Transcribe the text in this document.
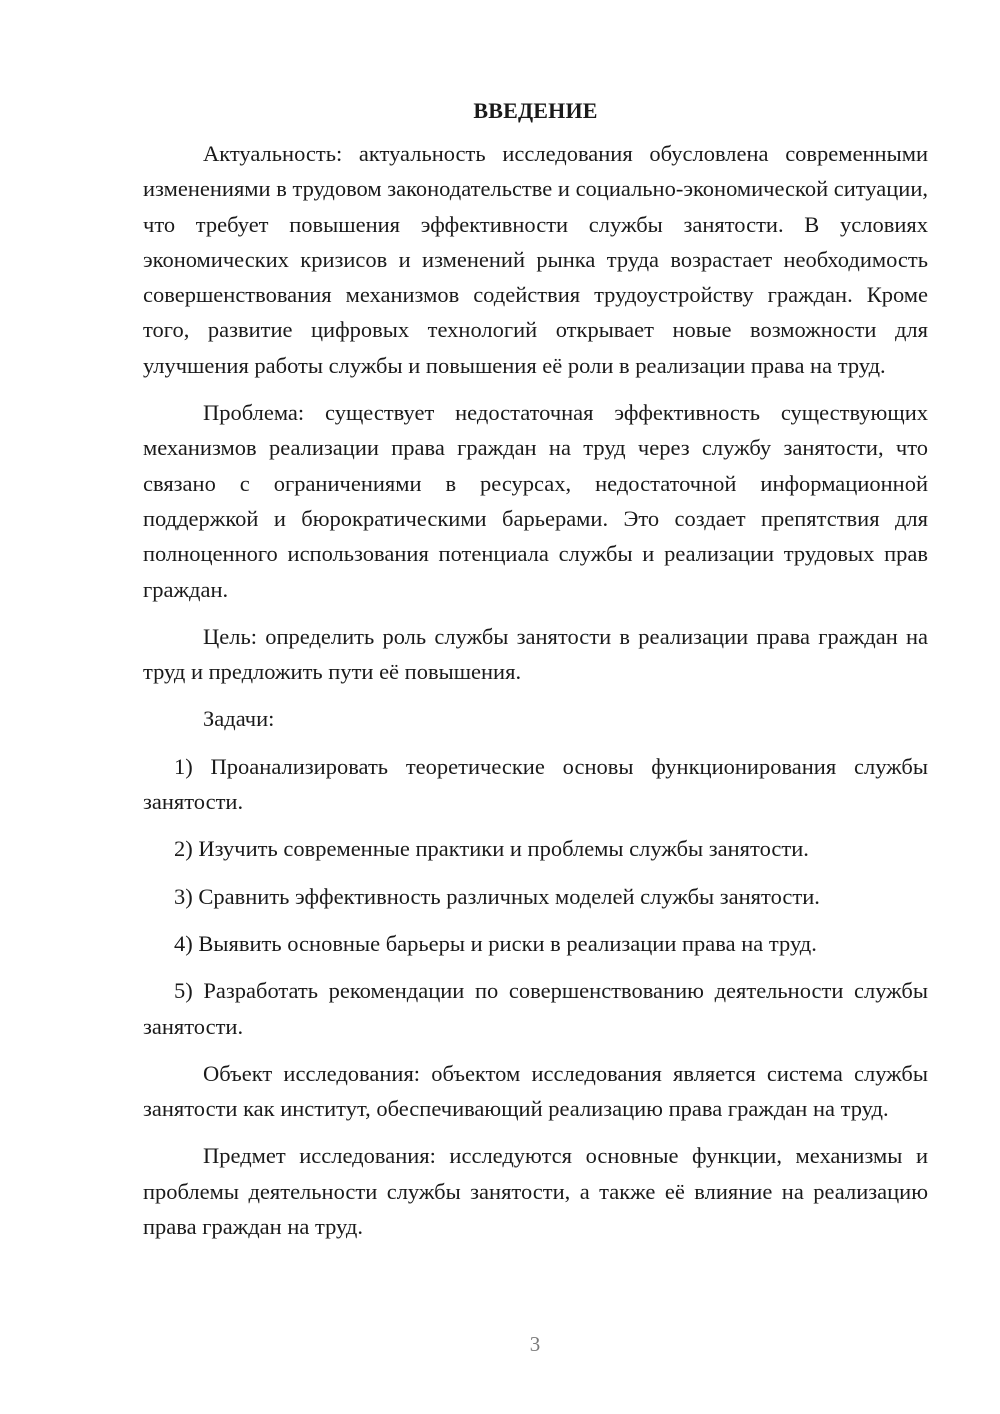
ВВЕДЕНИЕ

Актуальность: актуальность исследования обусловлена современными изменениями в трудовом законодательстве и социально-экономической ситуации, что требует повышения эффективности службы занятости. В условиях экономических кризисов и изменений рынка труда возрастает необходимость совершенствования механизмов содействия трудоустройству граждан. Кроме того, развитие цифровых технологий открывает новые возможности для улучшения работы службы и повышения её роли в реализации права на труд.

Проблема: существует недостаточная эффективность существующих механизмов реализации права граждан на труд через службу занятости, что связано с ограничениями в ресурсах, недостаточной информационной поддержкой и бюрократическими барьерами. Это создает препятствия для полноценного использования потенциала службы и реализации трудовых прав граждан.

Цель: определить роль службы занятости в реализации права граждан на труд и предложить пути её повышения.

Задачи:

1) Проанализировать теоретические основы функционирования службы занятости.

2) Изучить современные практики и проблемы службы занятости.

3) Сравнить эффективность различных моделей службы занятости.

4) Выявить основные барьеры и риски в реализации права на труд.

5) Разработать рекомендации по совершенствованию деятельности службы занятости.

Объект исследования: объектом исследования является система службы занятости как институт, обеспечивающий реализацию права граждан на труд.

Предмет исследования: исследуются основные функции, механизмы и проблемы деятельности службы занятости, а также её влияние на реализацию права граждан на труд.

3
